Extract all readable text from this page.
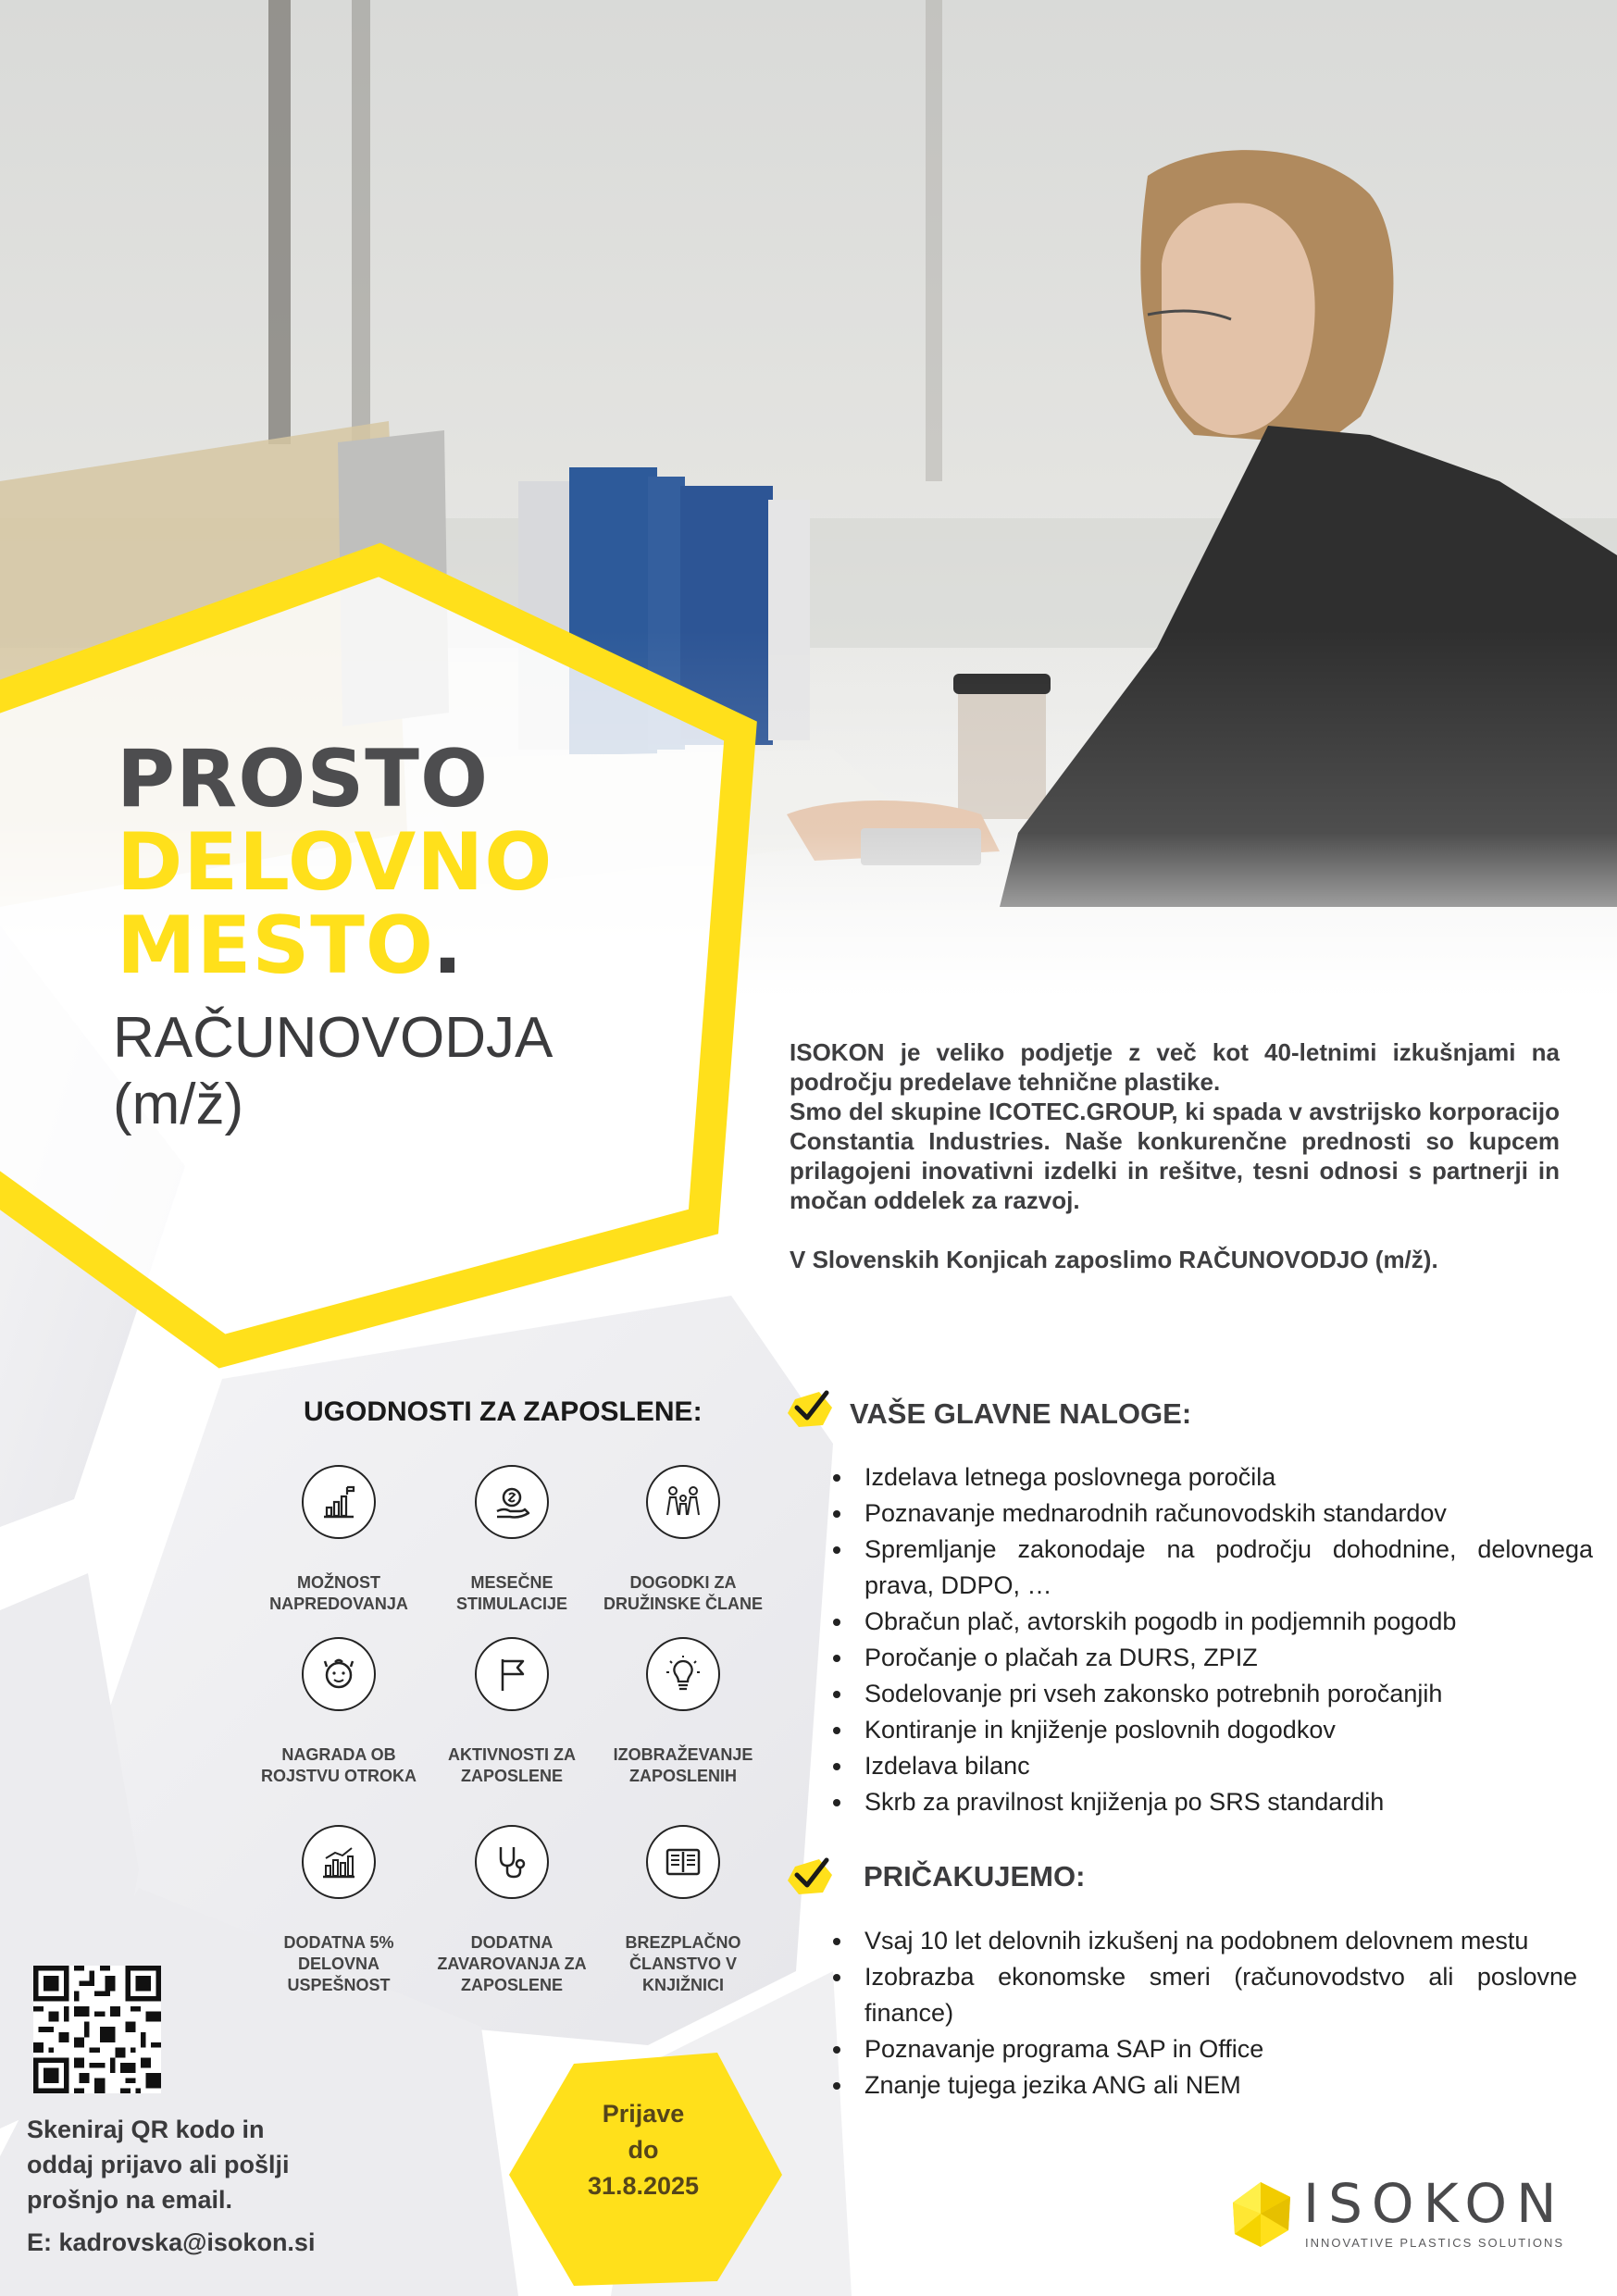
PROSTO
DELOVNO
MESTO.
RAČUNOVODJA
(m/ž)

ISOKON je veliko podjetje z več kot 40-letnimi izkušnjami na področju predelave tehnične plastike.

Smo del skupine ICOTEC.GROUP, ki spada v avstrijsko korporacijo Constantia Industries. Naše konkurenčne prednosti so kupcem prilagojeni inovativni izdelki in rešitve, tesni odnosi s partnerji in močan oddelek za razvoj.

V Slovenskih Konjicah zaposlimo RAČUNOVODJO (m/ž).

UGODNOSTI ZA ZAPOSLENE:
MOŽNOST NAPREDOVANJA
MESEČNE STIMULACIJE
DOGODKI ZA DRUŽINSKE ČLANE
NAGRADA OB ROJSTVU OTROKA
AKTIVNOSTI ZA ZAPOSLENE
IZOBRAŽEVANJE ZAPOSLENIH
DODATNA 5% DELOVNA USPEŠNOST
DODATNA ZAVAROVANJA ZA ZAPOSLENE
BREZPLAČNO ČLANSTVO V KNJIŽNICI
VAŠE GLAVNE NALOGE:
Izdelava letnega poslovnega poročila
Poznavanje mednarodnih računovodskih standardov
Spremljanje zakonodaje na področju dohodnine, delovnega prava, DDPO, …
Obračun plač, avtorskih pogodb in podjemnih pogodb
Poročanje o plačah za DURS, ZPIZ
Sodelovanje pri vseh zakonsko potrebnih poročanjih
Kontiranje in knjiženje poslovnih dogodkov
Izdelava bilanc
Skrb za pravilnost knjiženja po SRS standardih
PRIČAKUJEMO:
Vsaj 10 let delovnih izkušenj na podobnem delovnem mestu
Izobrazba ekonomske smeri (računovodstvo ali poslovne finance)
Poznavanje programa SAP in Office
Znanje tujega jezika ANG ali NEM
Skeniraj QR kodo in oddaj prijavo ali pošlji prošnjo na email.
E: kadrovska@isokon.si
Prijave
do
31.8.2025	ISOKON
INNOVATIVE PLASTICS SOLUTIONS
